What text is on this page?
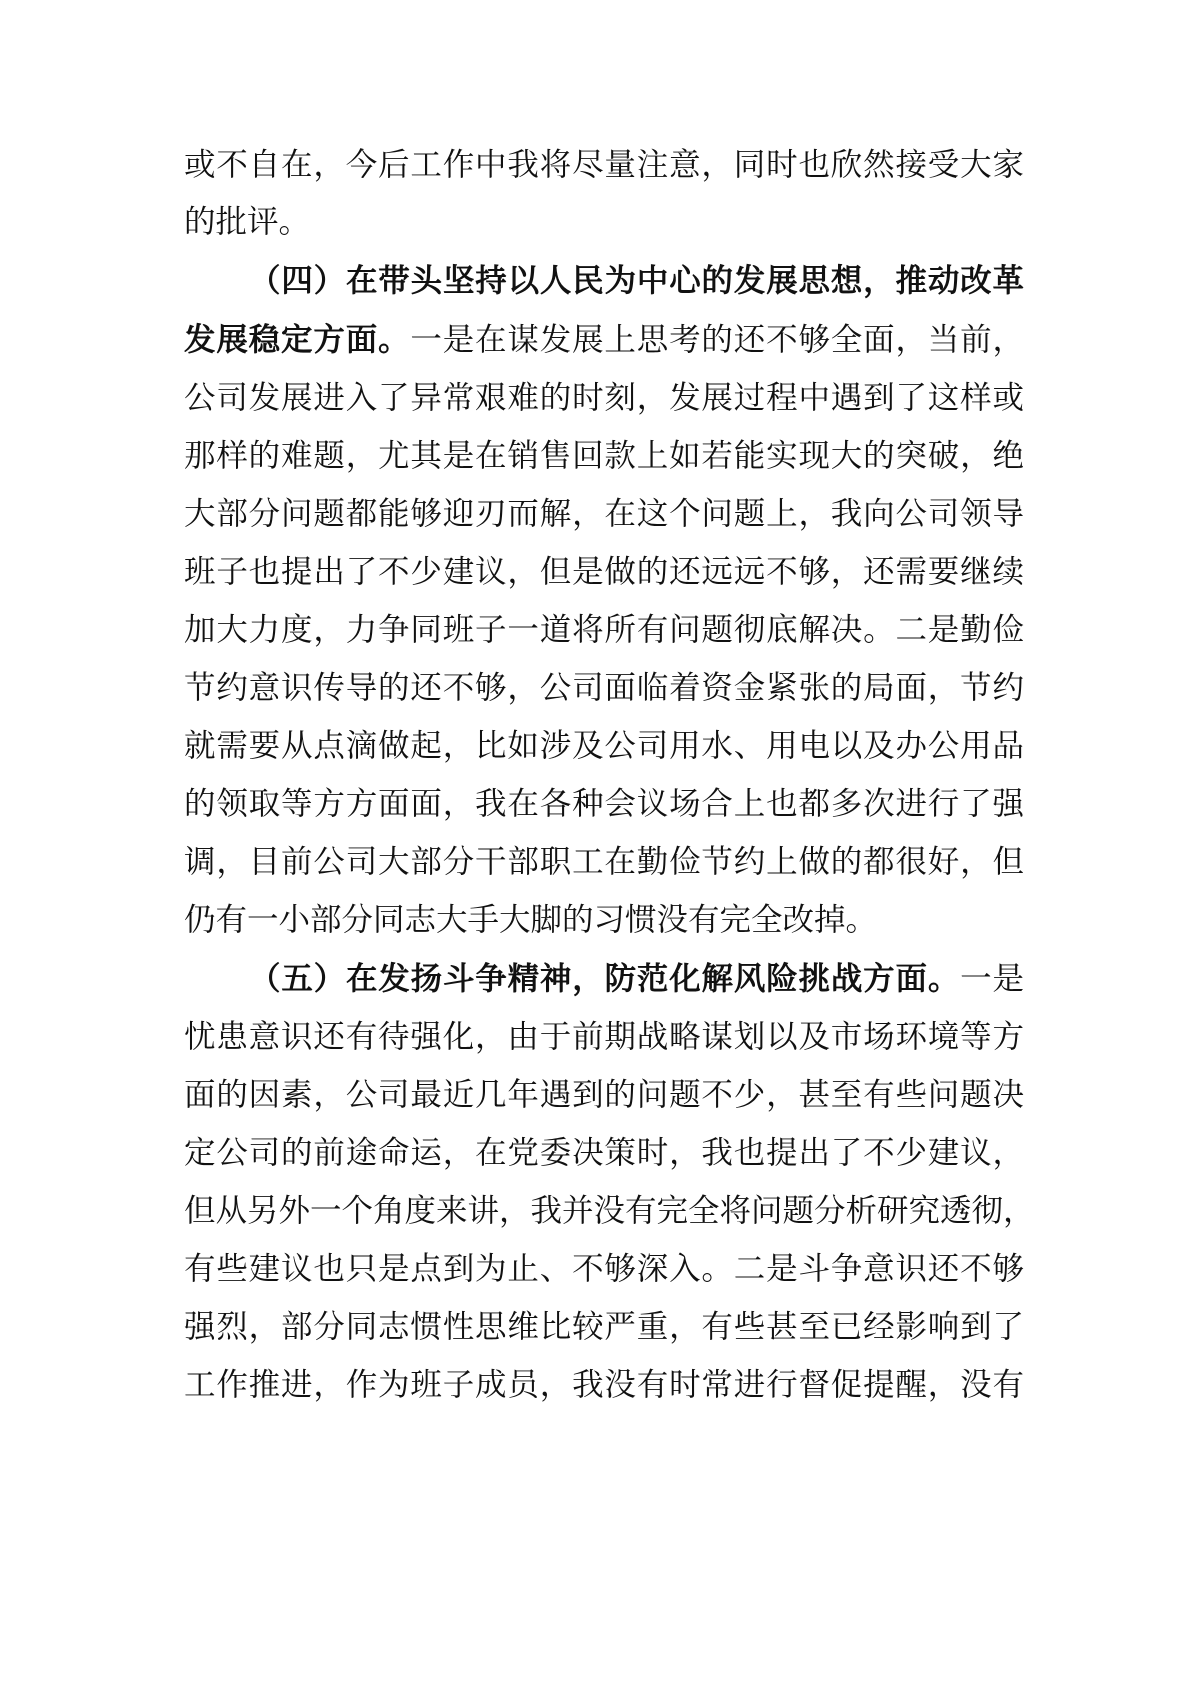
或不自在，今后工作中我将尽量注意，同时也欣然接受大家
的批评。
（四）在带头坚持以人民为中心的发展思想，推动改革
发展稳定方面。一是在谋发展上思考的还不够全面，当前，
公司发展进入了异常艰难的时刻，发展过程中遇到了这样或
那样的难题，尤其是在销售回款上如若能实现大的突破，绝
大部分问题都能够迎刃而解，在这个问题上，我向公司领导
班子也提出了不少建议，但是做的还远远不够，还需要继续
加大力度，力争同班子一道将所有问题彻底解决。二是勤俭
节约意识传导的还不够，公司面临着资金紧张的局面，节约
就需要从点滴做起，比如涉及公司用水、用电以及办公用品
的领取等方方面面，我在各种会议场合上也都多次进行了强
调，目前公司大部分干部职工在勤俭节约上做的都很好，但
仍有一小部分同志大手大脚的习惯没有完全改掉。
（五）在发扬斗争精神，防范化解风险挑战方面。一是
忧患意识还有待强化，由于前期战略谋划以及市场环境等方
面的因素，公司最近几年遇到的问题不少，甚至有些问题决
定公司的前途命运，在党委决策时，我也提出了不少建议，
但从另外一个角度来讲，我并没有完全将问题分析研究透彻，
有些建议也只是点到为止、不够深入。二是斗争意识还不够
强烈，部分同志惯性思维比较严重，有些甚至已经影响到了
工作推进，作为班子成员，我没有时常进行督促提醒，没有
